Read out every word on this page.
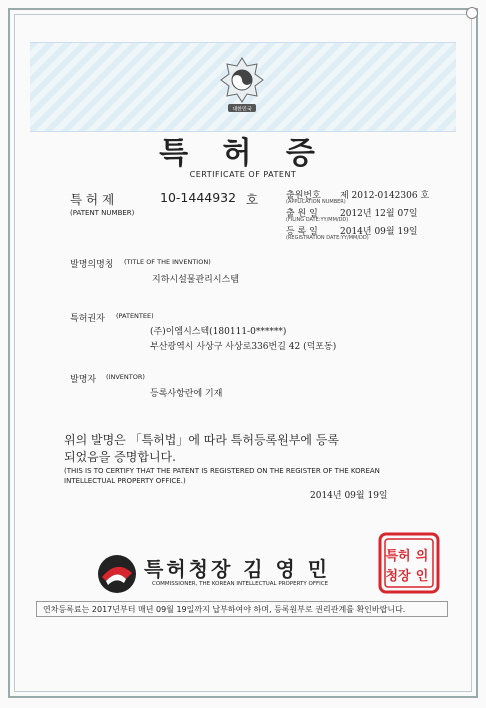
대한민국
특 허 증
CERTIFICATE OF PATENT
특 허 제	10-1444932 호
(PATENT NUMBER)
출원번호
(APPLICATION NUMBER)
제 2012-0142306 호
출 원 일
(FILING DATE:YY/MM/DD)
2012년 12월 07일
등 록 일
(REGISTRATION DATE:YY/MM/DD)
2014년 09월 19일
발명의명칭 (TITLE OF THE INVENTION)
지하시설물관리시스템
특허권자 (PATENTEE)
(주)이엠시스텍(180111-0******)
부산광역시 사상구 사상로336번길 42 (덕포동)
발명자 (INVENTOR)
등록사항란에 기재
위의 발명은 「특허법」에 따라 특허등록원부에 등록
되었음을 증명합니다.
(THIS IS TO CERTIFY THAT THE PATENT IS REGISTERED ON THE REGISTER OF THE KOREAN
INTELLECTUAL PROPERTY OFFICE.)
2014년 09월 19일
특허청장 김 영 민
COMMISSIONER, THE KOREAN INTELLECTUAL PROPERTY OFFICE
특허
청장
의
인
연차등록료는 2017년부터 매년 09월 19일까지 납부하여야 하며, 등록원부로 권리관계를 확인바랍니다.
